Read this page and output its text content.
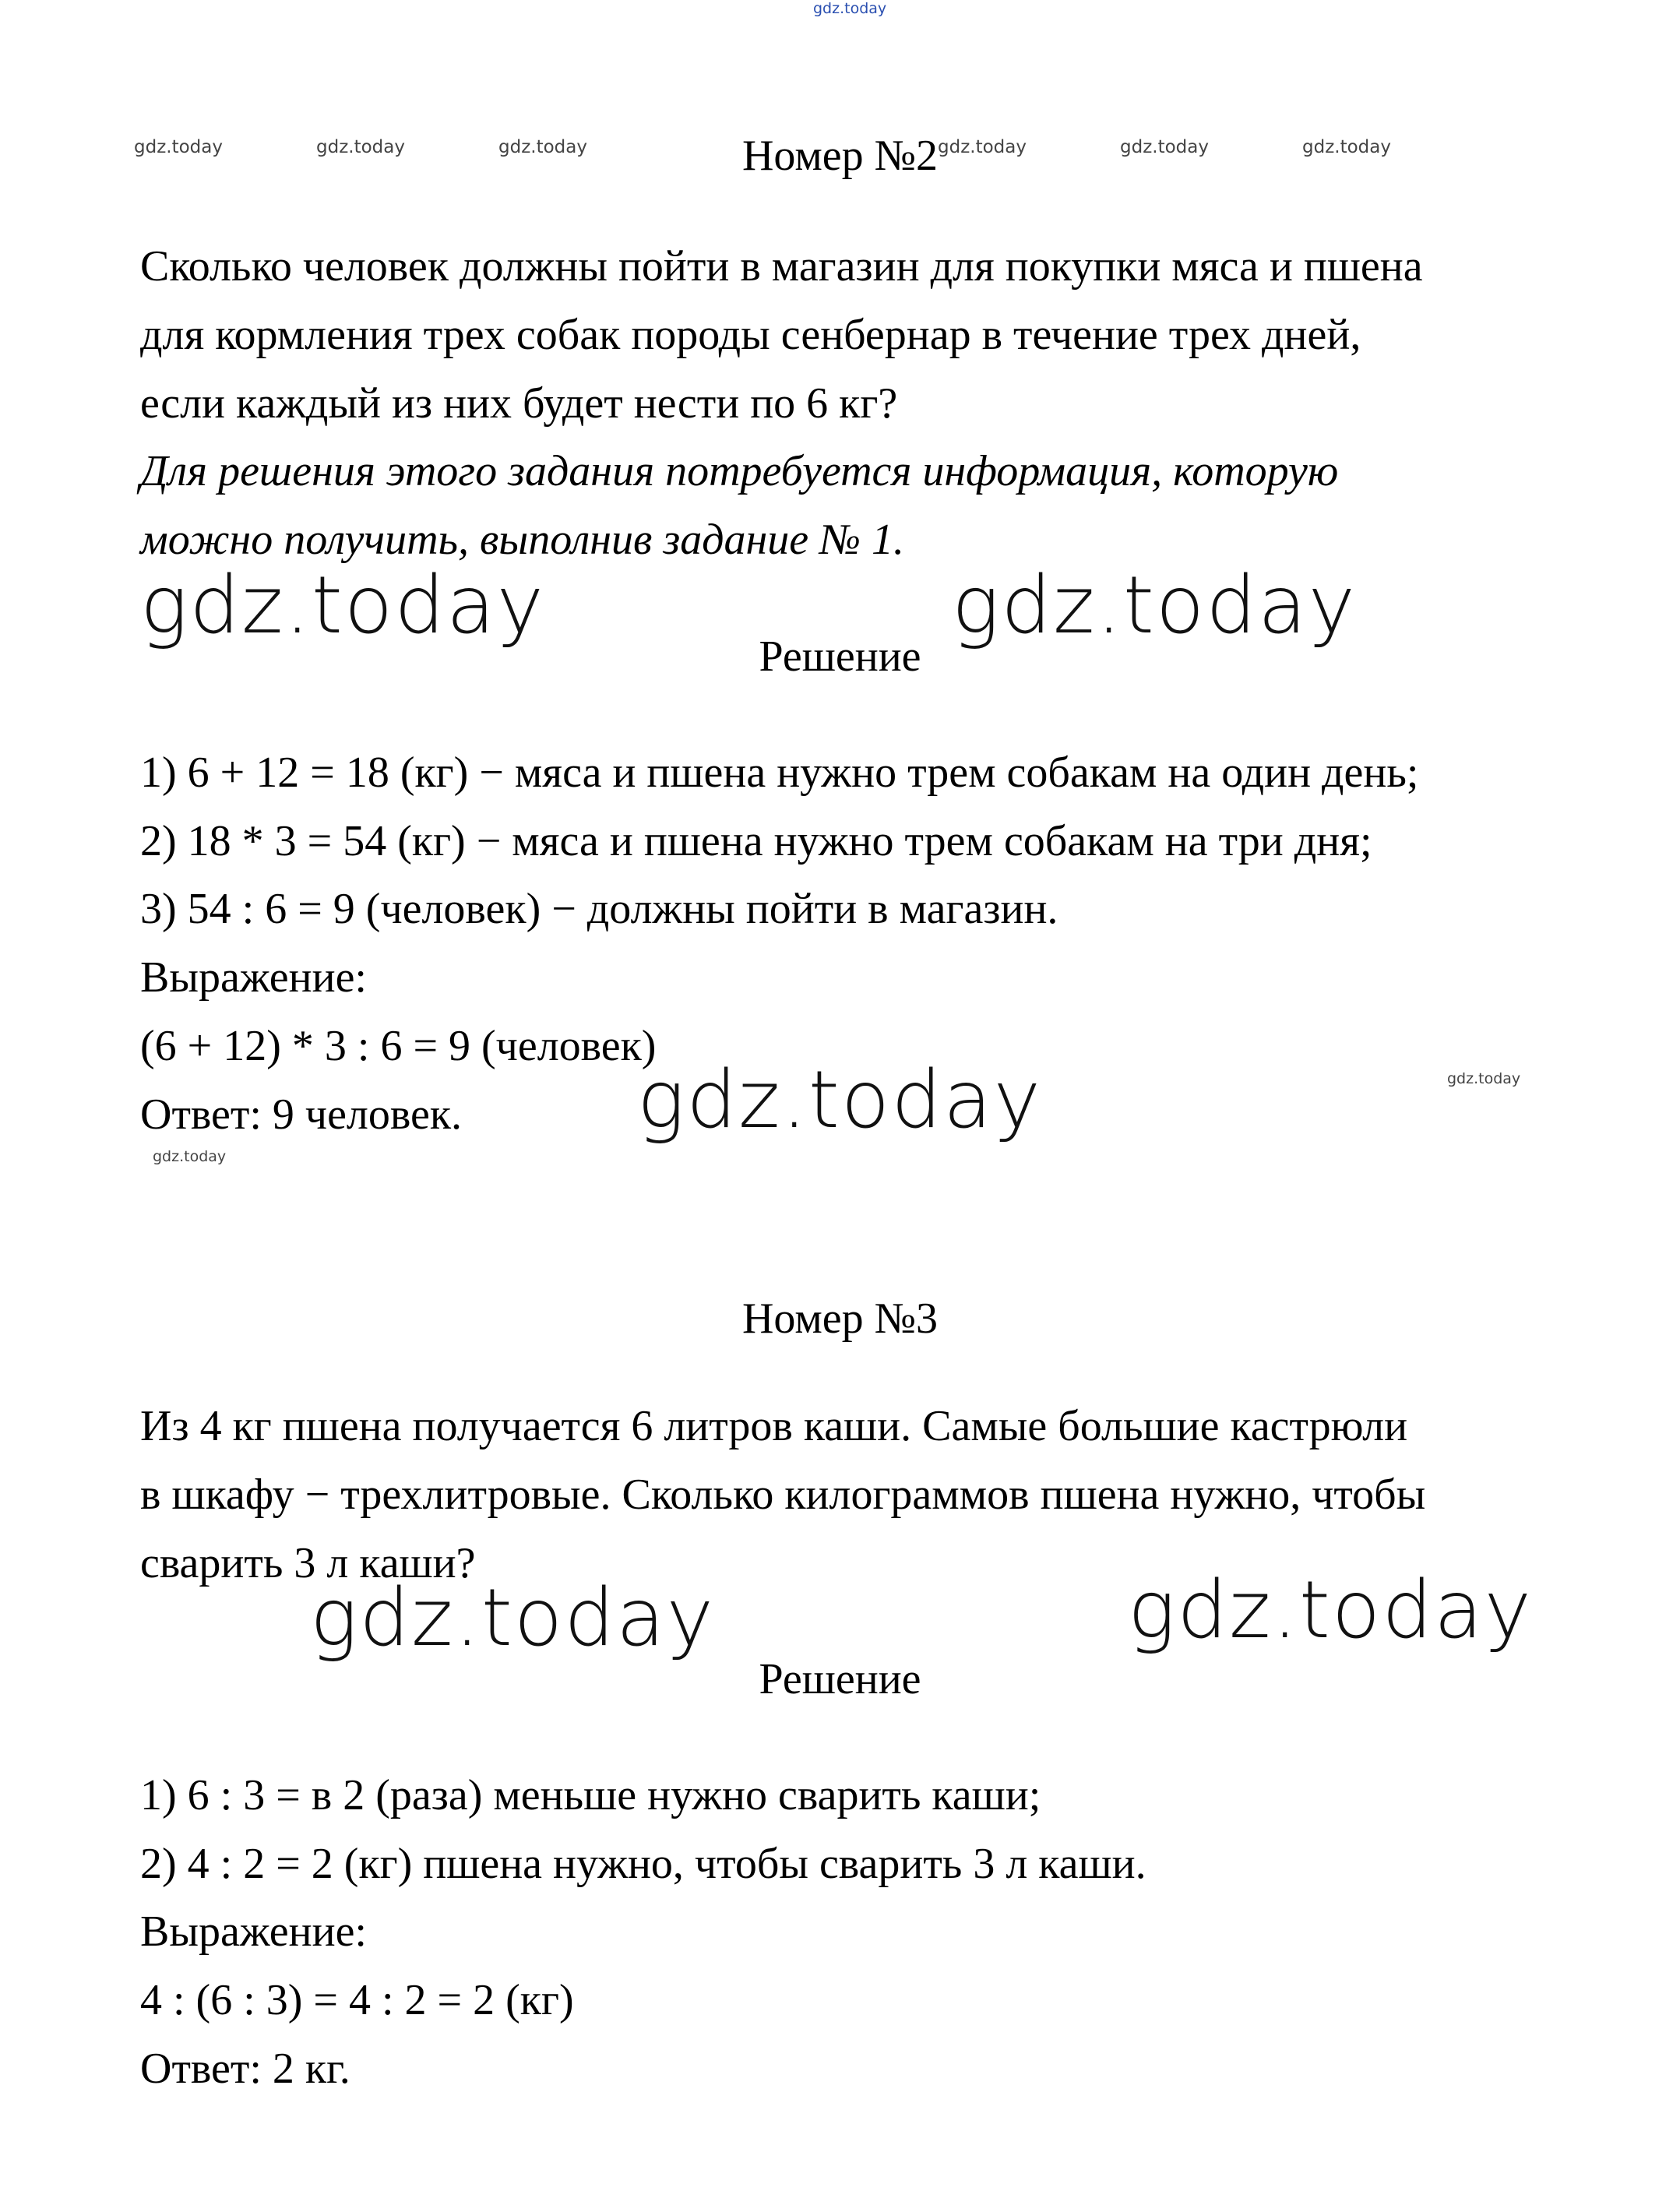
gdz.today
gdz.today	gdz.today	gdz.today	gdz.today	gdz.today	gdz.today
Номер №2
Сколько человек должны пойти в магазин для покупки мяса и пшена
для кормления трех собак породы сенбернар в течение трех дней,
если каждый из них будет нести по 6 кг?
Для решения этого задания потребуется информация, которую
можно получить, выполнив задание № 1.
gdz.today	gdz.today
Решение
1) 6 + 12 = 18 (кг) − мяса и пшена нужно трем собакам на один день;
2) 18 * 3 = 54 (кг) − мяса и пшена нужно трем собакам на три дня;
3) 54 : 6 = 9 (человек) − должны пойти в магазин.
Выражение:
(6 + 12) * 3 : 6 = 9 (человек)
Ответ: 9 человек. gdz.today	gdz.today
gdz.today
Номер №3
Из 4 кг пшена получается 6 литров каши. Самые большие кастрюли
в шкафу − трехлитровые. Сколько килограммов пшена нужно, чтобы
сварить 3 л каши?
gdz.today	gdz.today
Решение
1) 6 : 3 = в 2 (раза) меньше нужно сварить каши;
2) 4 : 2 = 2 (кг) пшена нужно, чтобы сварить 3 л каши.
Выражение:
4 : (6 : 3) = 4 : 2 = 2 (кг)
Ответ: 2 кг.
